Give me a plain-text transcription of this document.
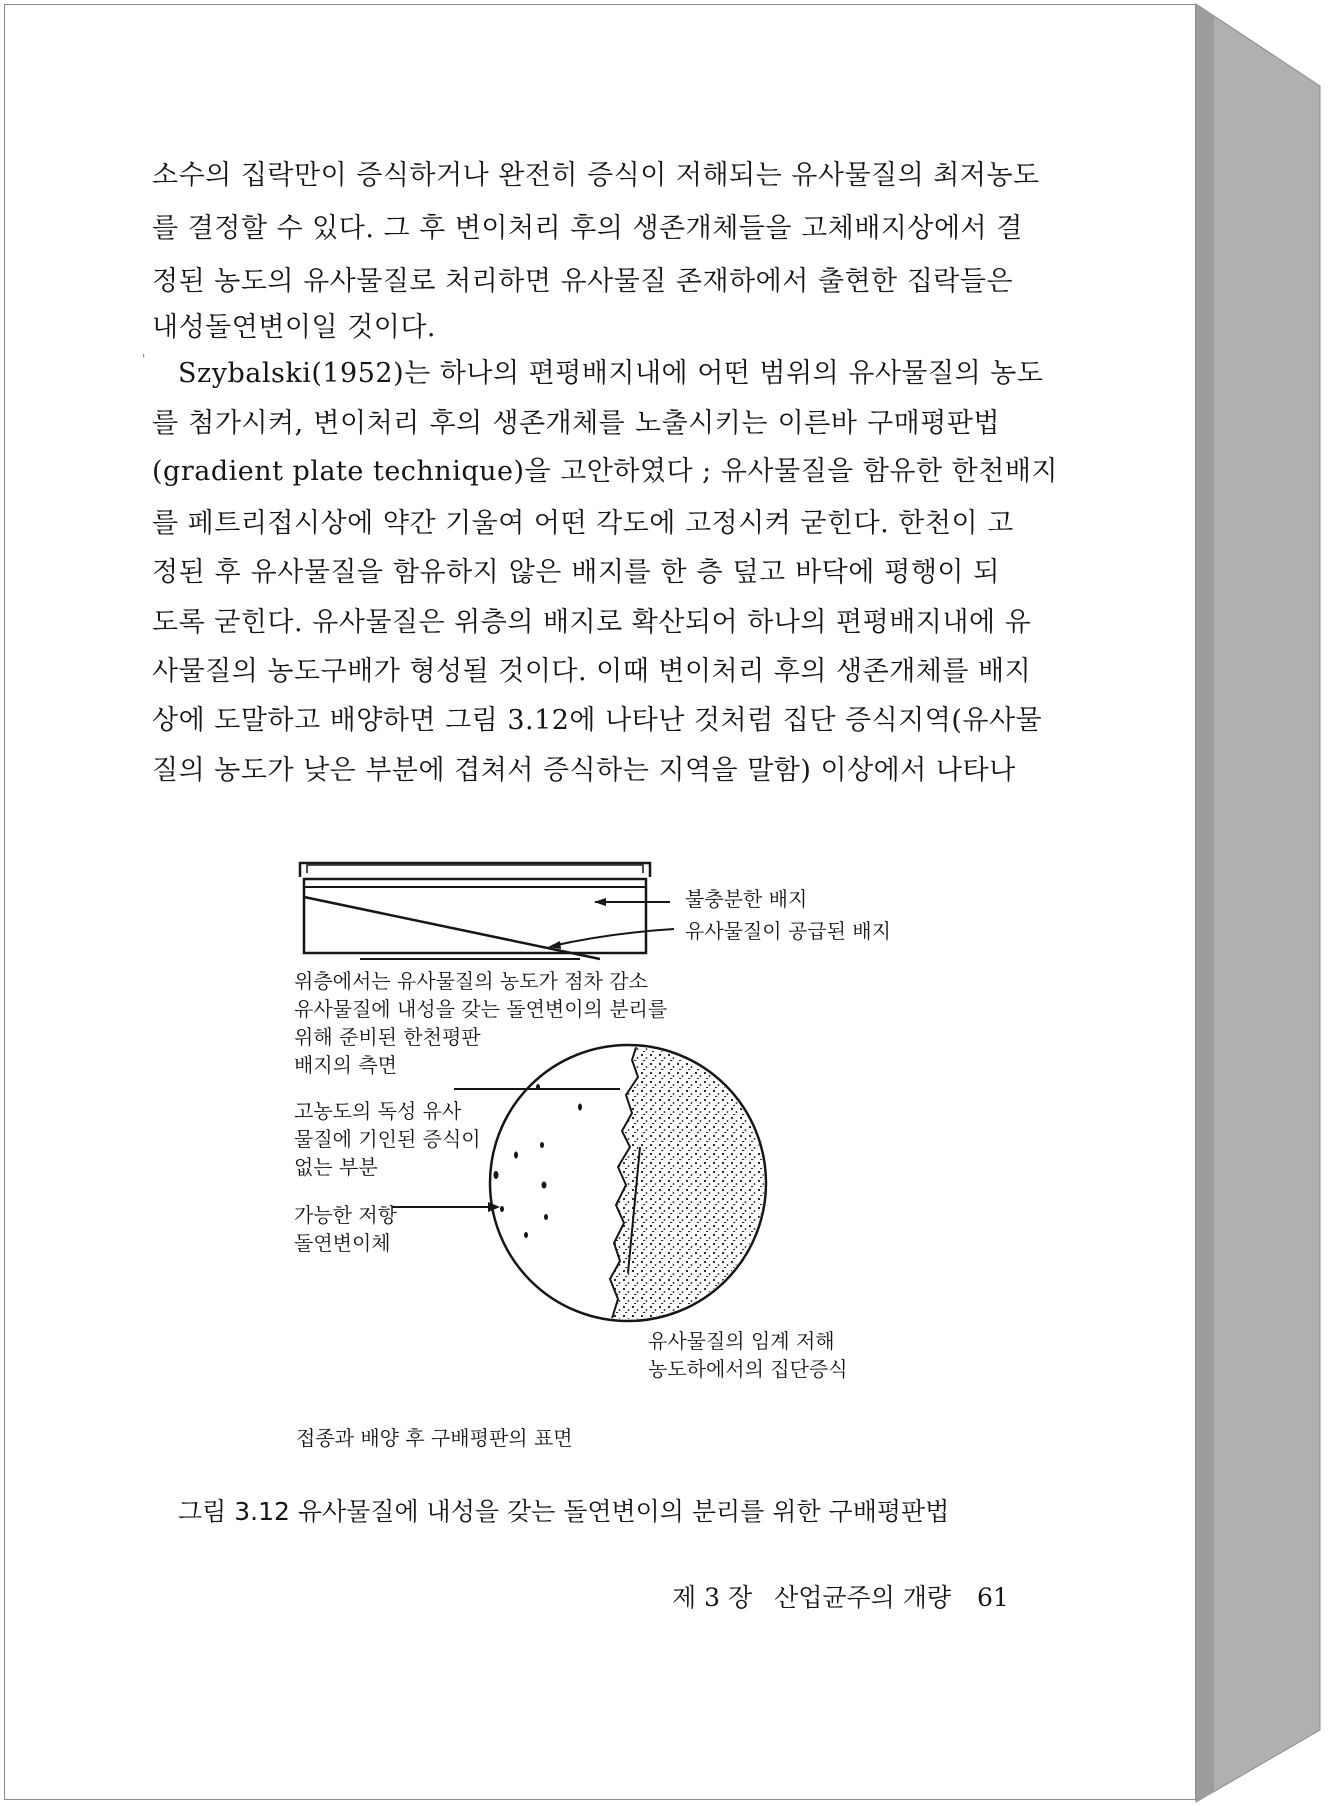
'
소수의 집락만이 증식하거나 완전히 증식이 저해되는 유사물질의 최저농도
를 결정할 수 있다. 그 후 변이처리 후의 생존개체들을 고체배지상에서 결
정된 농도의 유사물질로 처리하면 유사물질 존재하에서 출현한 집락들은
내성돌연변이일 것이다.
Szybalski(1952)는 하나의 편평배지내에 어떤 범위의 유사물질의 농도
를 첨가시켜, 변이처리 후의 생존개체를 노출시키는 이른바 구매평판법
(gradient plate technique)을 고안하였다 ; 유사물질을 함유한 한천배지
를 페트리접시상에 약간 기울여 어떤 각도에 고정시켜 굳힌다. 한천이 고
정된 후 유사물질을 함유하지 않은 배지를 한 층 덮고 바닥에 평행이 되
도록 굳힌다. 유사물질은 위층의 배지로 확산되어 하나의 편평배지내에 유
사물질의 농도구배가 형성될 것이다. 이때 변이처리 후의 생존개체를 배지
상에 도말하고 배양하면 그림 3.12에 나타난 것처럼 집단 증식지역(유사물
질의 농도가 낮은 부분에 겹쳐서 증식하는 지역을 말함) 이상에서 나타나
불충분한 배지
유사물질이 공급된 배지
위층에서는 유사물질의 농도가 점차 감소
유사물질에 내성을 갖는 돌연변이의 분리를
위해 준비된 한천평판
배지의 측면
고농도의 독성 유사
물질에 기인된 증식이
없는 부분
가능한 저항
돌연변이체
유사물질의 임계 저해
농도하에서의 집단증식
접종과 배양 후 구배평판의 표면
그림 3.12 유사물질에 내성을 갖는 돌연변이의 분리를 위한 구배평판법
제 3 장 산업균주의 개량 61
